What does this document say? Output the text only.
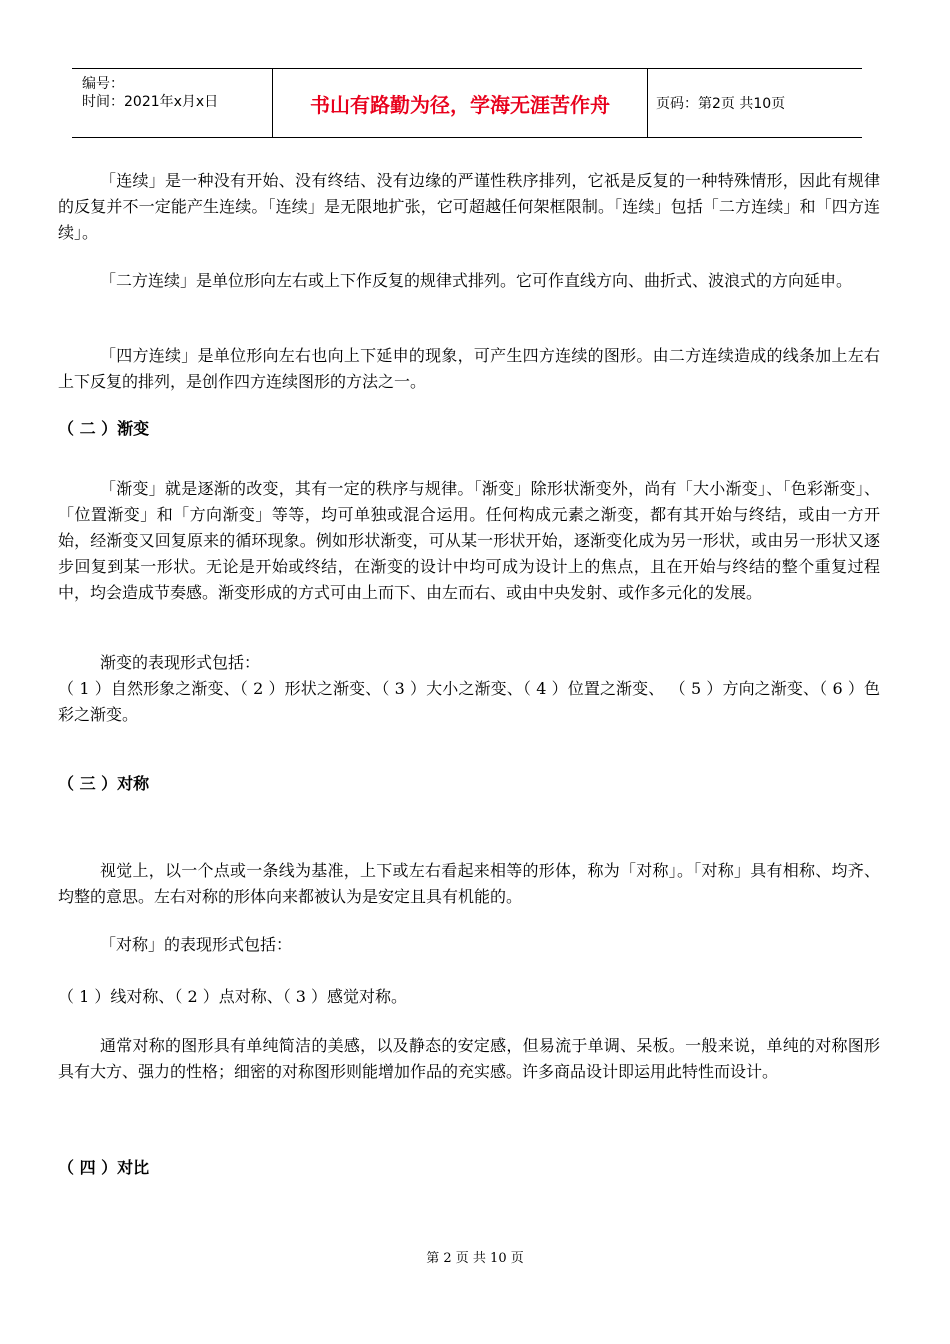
编号：
时间：2021年x月x日	书山有路勤为径，学海无涯苦作舟	页码：第2页 共10页
「连续」是一种没有开始、没有终结、没有边缘的严谨性秩序排列，它祇是反复的一种特殊情形，因此有规律的反复并不一定能产生连续。「连续」是无限地扩张，它可超越任何架框限制。「连续」包括「二方连续」和「四方连续」。
「二方连续」是单位形向左右或上下作反复的规律式排列。它可作直线方向、曲折式、波浪式的方向延申。
「四方连续」是单位形向左右也向上下延申的现象，可产生四方连续的图形。由二方连续造成的线条加上左右上下反复的排列，是创作四方连续图形的方法之一。
（ 二 ）渐变
「渐变」就是逐渐的改变，其有一定的秩序与规律。「渐变」除形状渐变外，尚有「大小渐变」、「色彩渐变」、「位置渐变」和「方向渐变」等等，均可单独或混合运用。任何构成元素之渐变，都有其开始与终结，或由一方开始，经渐变又回复原来的循环现象。例如形状渐变，可从某一形状开始，逐渐变化成为另一形状，或由另一形状又逐步回复到某一形状。无论是开始或终结，在渐变的设计中均可成为设计上的焦点，且在开始与终结的整个重复过程中，均会造成节奏感。渐变形成的方式可由上而下、由左而右、或由中央发射、或作多元化的发展。
渐变的表现形式包括：
（ 1 ）自然形象之渐变、（ 2 ）形状之渐变、（ 3 ）大小之渐变、（ 4 ）位置之渐变、 （ 5 ）方向之渐变、（ 6 ）色彩之渐变。
（ 三 ）对称
视觉上，以一个点或一条线为基准，上下或左右看起来相等的形体，称为「对称」。「对称」具有相称、均齐、均整的意思。左右对称的形体向来都被认为是安定且具有机能的。
「对称」的表现形式包括：
（ 1 ）线对称、（ 2 ）点对称、（ 3 ）感觉对称。
通常对称的图形具有单纯简洁的美感，以及静态的安定感，但易流于单调、呆板。一般来说，单纯的对称图形具有大方、强力的性格；细密的对称图形则能增加作品的充实感。许多商品设计即运用此特性而设计。
（ 四 ）对比
第 2 页 共 10 页
